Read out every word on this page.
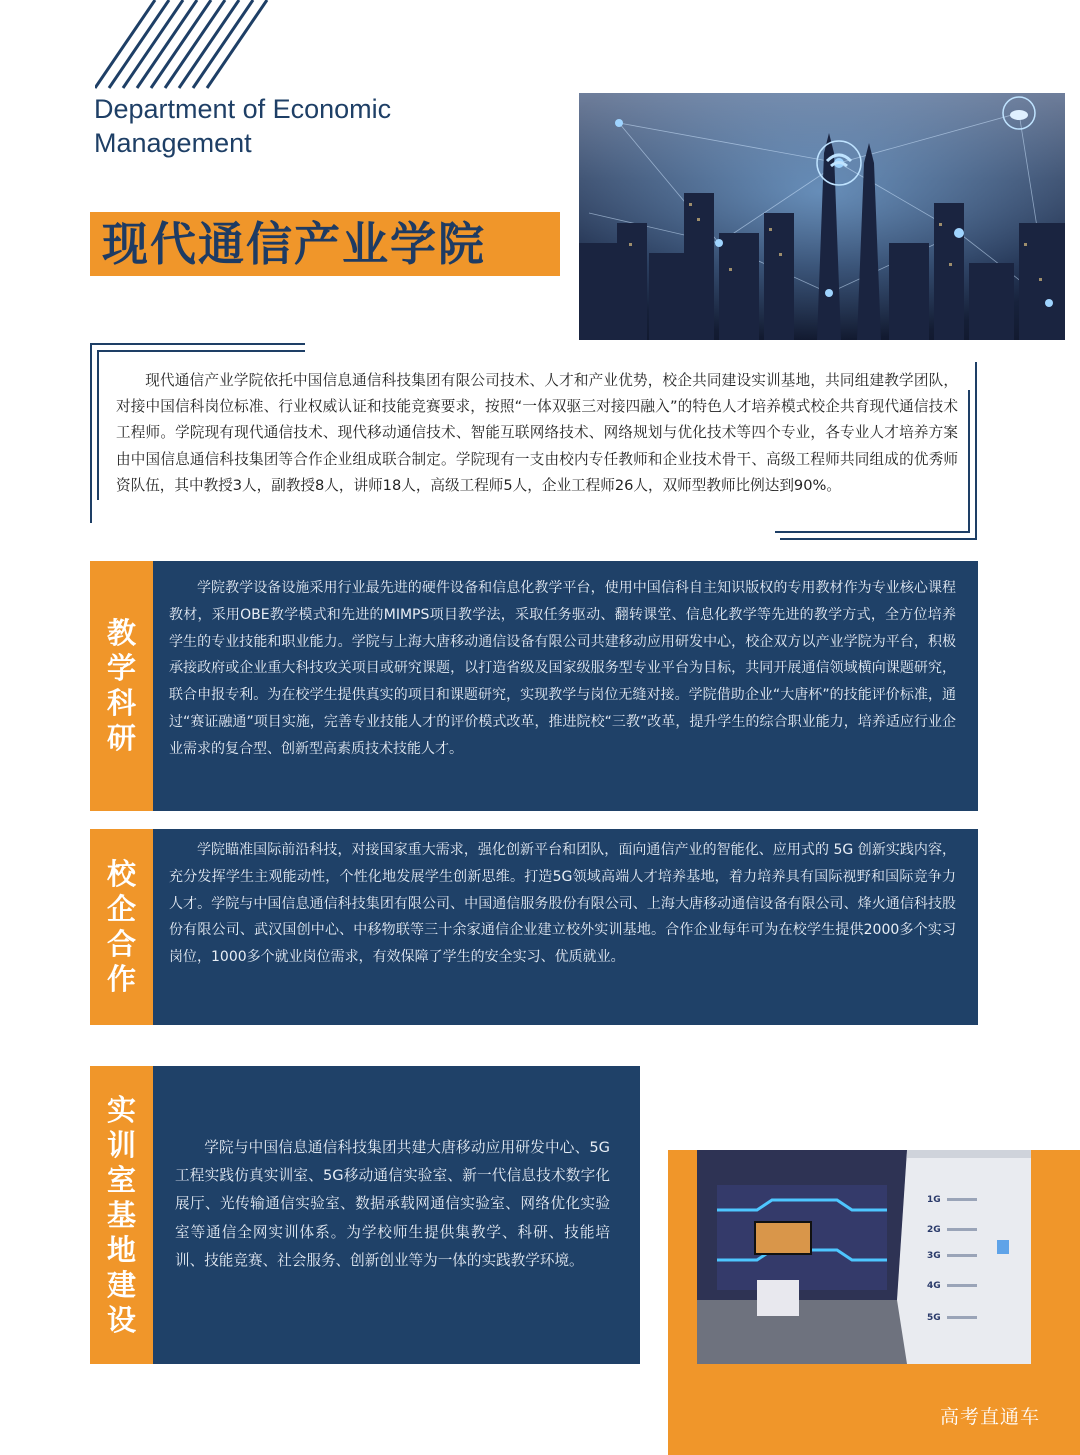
Department of Economic
Management
现代通信产业学院
现代通信产业学院依托中国信息通信科技集团有限公司技术、人才和产业优势，校企共同建设实训基地，共同组建教学团队，对接中国信科岗位标准、行业权威认证和技能竞赛要求，按照“一体双驱三对接四融入”的特色人才培养模式校企共育现代通信技术工程师。学院现有现代通信技术、现代移动通信技术、智能互联网络技术、网络规划与优化技术等四个专业，各专业人才培养方案由中国信息通信科技集团等合作企业组成联合制定。学院现有一支由校内专任教师和企业技术骨干、高级工程师共同组成的优秀师资队伍，其中教授3人，副教授8人，讲师18人，高级工程师5人，企业工程师26人，双师型教师比例达到90%。
教学科研

学院教学设备设施采用行业最先进的硬件设备和信息化教学平台，使用中国信科自主知识版权的专用教材作为专业核心课程教材，采用OBE教学模式和先进的MIMPS项目教学法，采取任务驱动、翻转课堂、信息化教学等先进的教学方式，全方位培养学生的专业技能和职业能力。学院与上海大唐移动通信设备有限公司共建移动应用研发中心，校企双方以产业学院为平台，积极承接政府或企业重大科技攻关项目或研究课题，以打造省级及国家级服务型专业平台为目标，共同开展通信领域横向课题研究，联合申报专利。为在校学生提供真实的项目和课题研究，实现教学与岗位无缝对接。学院借助企业“大唐杯”的技能评价标准，通过“赛证融通”项目实施，完善专业技能人才的评价模式改革，推进院校“三教”改革，提升学生的综合职业能力，培养适应行业企业需求的复合型、创新型高素质技术技能人才。

校企合作

学院瞄准国际前沿科技，对接国家重大需求，强化创新平台和团队，面向通信产业的智能化、应用式的 5G 创新实践内容，充分发挥学生主观能动性，个性化地发展学生创新思维。打造5G领域高端人才培养基地，着力培养具有国际视野和国际竞争力人才。学院与中国信息通信科技集团有限公司、中国通信服务股份有限公司、上海大唐移动通信设备有限公司、烽火通信科技股份有限公司、武汉国创中心、中移物联等三十余家通信企业建立校外实训基地。合作企业每年可为在校学生提供2000多个实习岗位，1000多个就业岗位需求，有效保障了学生的安全实习、优质就业。

实训室基地建设

学院与中国信息通信科技集团共建大唐移动应用研发中心、5G工程实践仿真实训室、5G移动通信实验室、新一代信息技术数字化展厅、光传输通信实验室、数据承载网通信实验室、网络优化实验室等通信全网实训体系。为学校师生提供集教学、科研、技能培训、技能竞赛、社会服务、创新创业等为一体的实践教学环境。

1G
2G
3G
4G
5G
高考直通车
